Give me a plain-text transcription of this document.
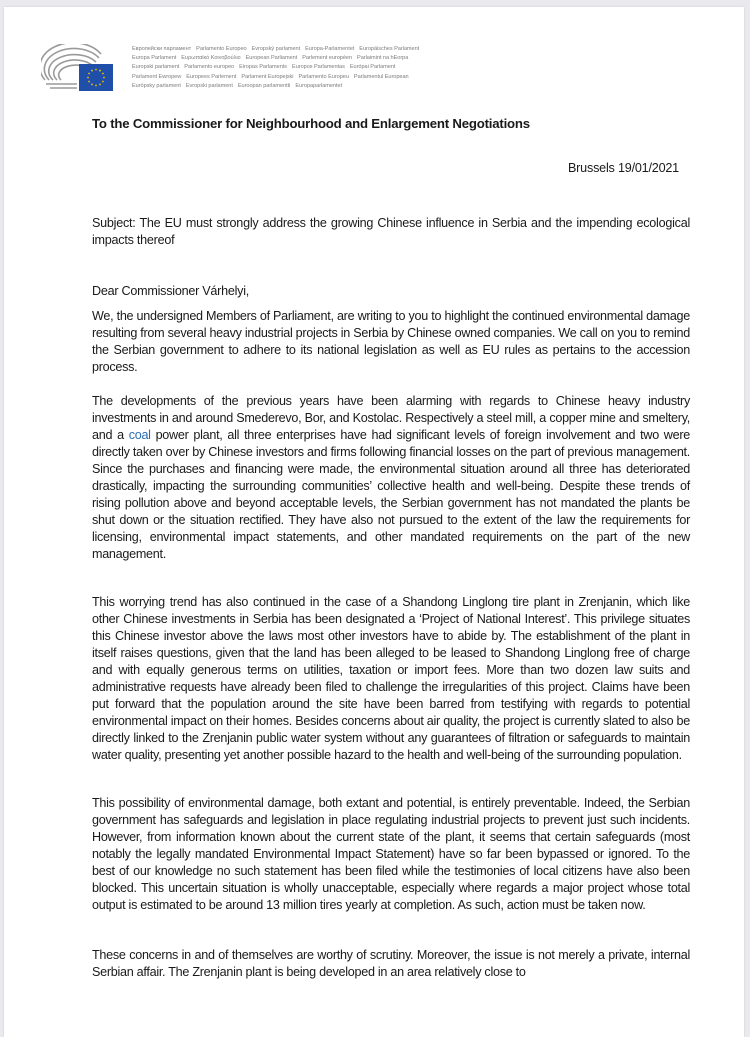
Европейски парламент Parlamento Europeo Evropský parlament Europa-Parlamentet Europäisches Parlament
Europa Parlament Ευρωπαϊκό Κοινοβούλιο European Parliament Parlement européen Parlaimint na hEorpa
Europski parlament Parlamento europeo Eiropas Parlaments Europos Parlamentas Európai Parlament
Parlament Ewropew Europees Parlement Parlament Europejski Parlamento Europeu Parlamentul European
Európsky parlament Evropski parlament Euroopan parlamentti Europaparlamentet
To the Commissioner for Neighbourhood and Enlargement Negotiations
Brussels 19/01/2021
Subject: The EU must strongly address the growing Chinese influence in Serbia and the impending ecological impacts thereof
Dear Commissioner Várhelyi,

We, the undersigned Members of Parliament, are writing to you to highlight the continued environmental damage resulting from several heavy industrial projects in Serbia by Chinese owned companies. We call on you to remind the Serbian government to adhere to its national legislation as well as EU rules as pertains to the accession process.

The developments of the previous years have been alarming with regards to Chinese heavy industry investments in and around Smederevo, Bor, and Kostolac. Respectively a steel mill, a copper mine and smeltery, and a coal power plant, all three enterprises have had significant levels of foreign involvement and two were directly taken over by Chinese investors and firms following financial losses on the part of previous management. Since the purchases and financing were made, the environmental situation around all three has deteriorated drastically, impacting the surrounding communities’ collective health and well-being. Despite these trends of rising pollution above and beyond acceptable levels, the Serbian government has not mandated the plants be shut down or the situation rectified. They have also not pursued to the extent of the law the requirements for licensing, environmental impact statements, and other mandated requirements on the part of the new management.

This worrying trend has also continued in the case of a Shandong Linglong tire plant in Zrenjanin, which like other Chinese investments in Serbia has been designated a ‘Project of National Interest’. This privilege situates this Chinese investor above the laws most other investors have to abide by. The establishment of the plant in itself raises questions, given that the land has been alleged to be leased to Shandong Linglong free of charge and with equally generous terms on utilities, taxation or import fees. More than two dozen law suits and administrative requests have already been filed to challenge the irregularities of this project. Claims have been put forward that the population around the site have been barred from testifying with regards to potential environmental impact on their homes. Besides concerns about air quality, the project is currently slated to also be directly linked to the Zrenjanin public water system without any guarantees of filtration or safeguards to maintain water quality, presenting yet another possible hazard to the health and well-being of the surrounding population.

This possibility of environmental damage, both extant and potential, is entirely preventable. Indeed, the Serbian government has safeguards and legislation in place regulating industrial projects to prevent just such incidents. However, from information known about the current state of the plant, it seems that certain safeguards (most notably the legally mandated Environmental Impact Statement) have so far been bypassed or ignored. To the best of our knowledge no such statement has been filed while the testimonies of local citizens have also been blocked. This uncertain situation is wholly unacceptable, especially where regards a major project whose total output is estimated to be around 13 million tires yearly at completion. As such, action must be taken now.

These concerns in and of themselves are worthy of scrutiny. Moreover, the issue is not merely a private, internal Serbian affair. The Zrenjanin plant is being developed in an area relatively close to
